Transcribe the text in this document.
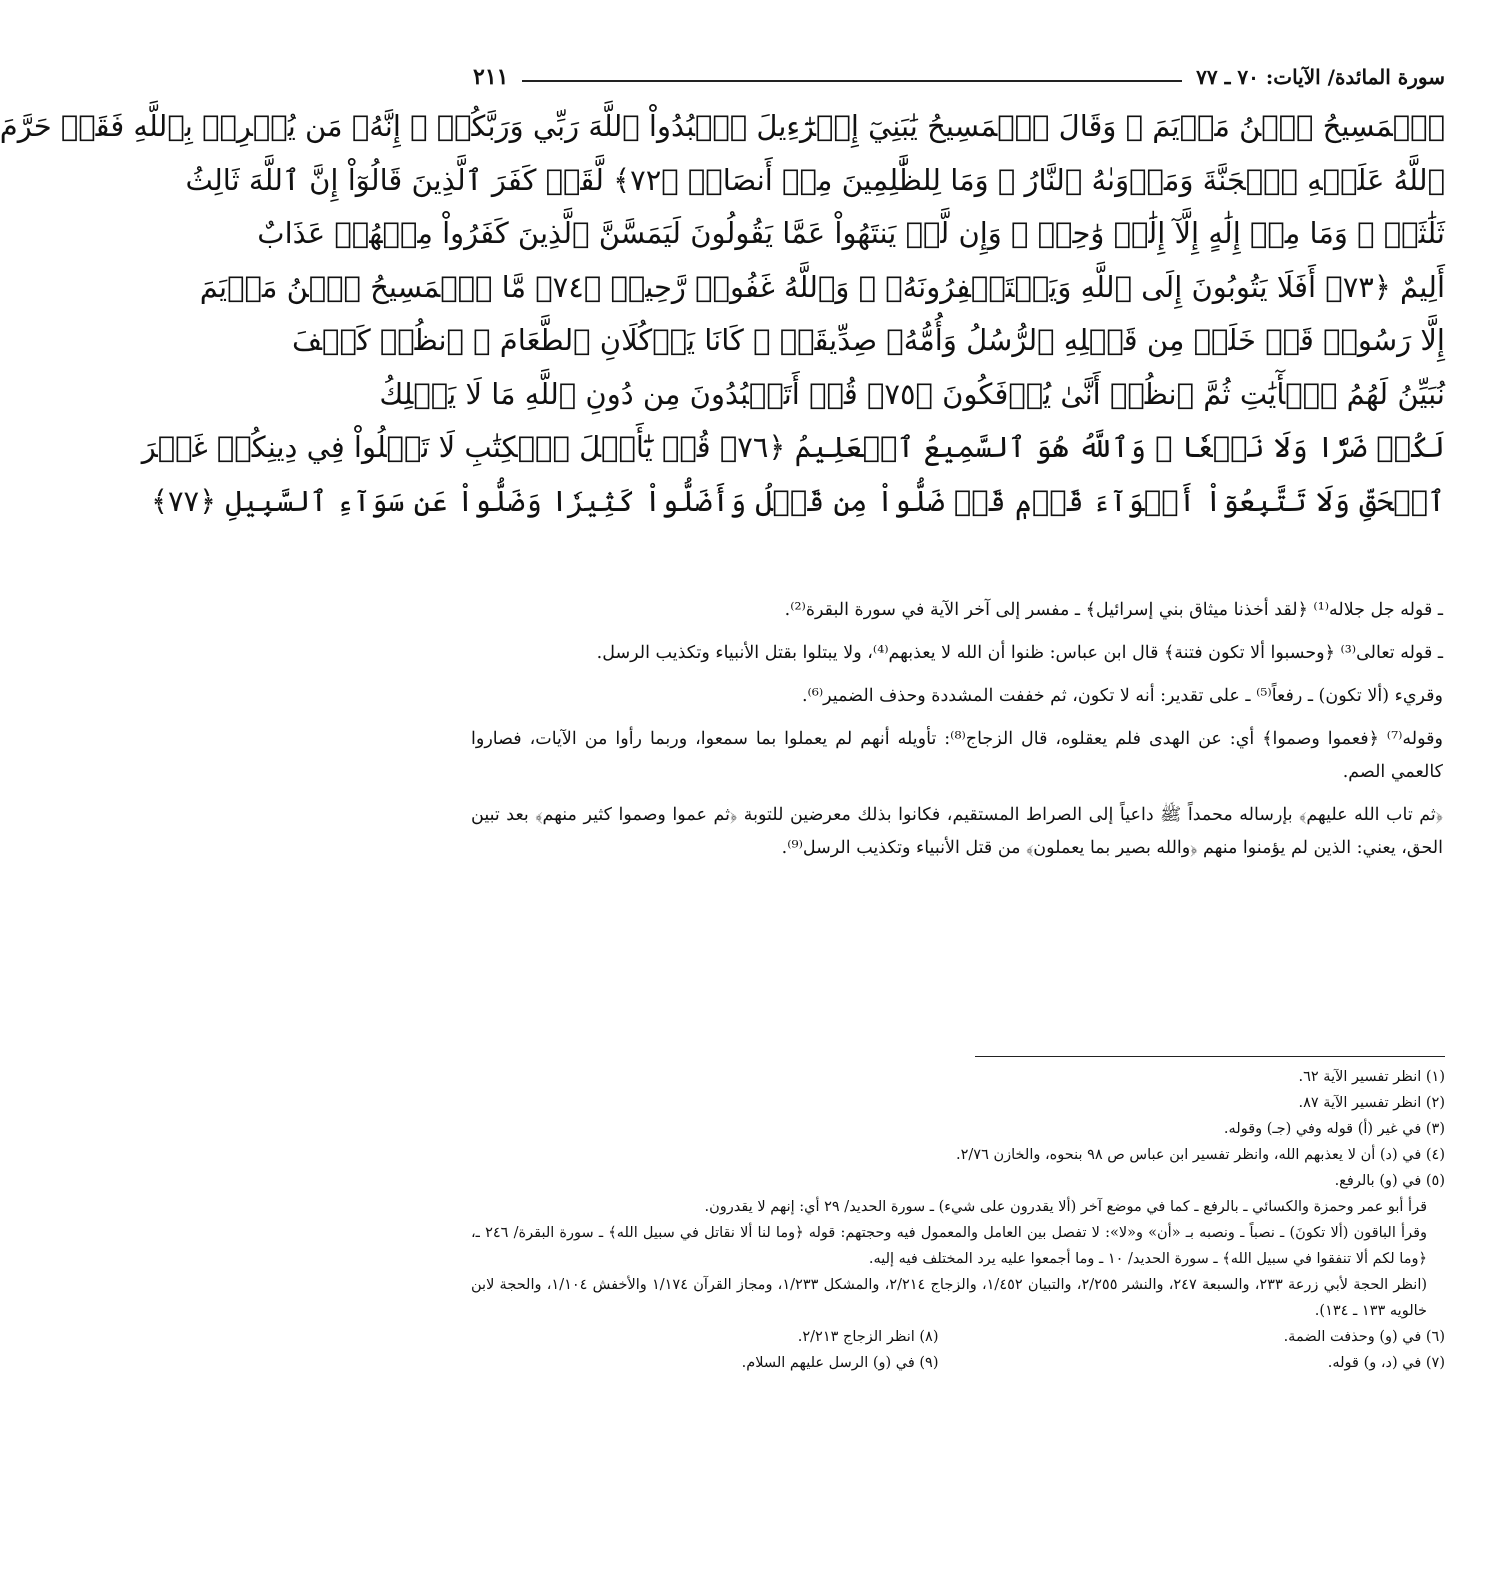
سورة المائدة/ الآيات: ٧٠ ـ ٧٧
٢١١
ٱلۡمَسِيحُ ٱبۡنُ مَرۡيَمَ ۖ وَقَالَ ٱلۡمَسِيحُ يَٰبَنِيٓ إِسۡرَٰٓءِيلَ ٱعۡبُدُواْ ٱللَّهَ رَبِّي وَرَبَّكُمۡ ۖ إِنَّهُۥ مَن يُشۡرِكۡ بِٱللَّهِ فَقَدۡ حَرَّمَ
ٱللَّهُ عَلَيۡهِ ٱلۡجَنَّةَ وَمَأۡوَىٰهُ ٱلنَّارُ ۖ وَمَا لِلظَّٰلِمِينَ مِنۡ أَنصَارٖ ﴿٧٢﴾ لَّقَدۡ كَفَرَ ٱلَّذِينَ قَالُوٓاْ إِنَّ ٱللَّهَ ثَالِثُ
ثَلَٰثَةٖ ۘ وَمَا مِنۡ إِلَٰهٍ إِلَّآ إِلَٰهٞ وَٰحِدٞ ۚ وَإِن لَّمۡ يَنتَهُواْ عَمَّا يَقُولُونَ لَيَمَسَّنَّ ٱلَّذِينَ كَفَرُواْ مِنۡهُمۡ عَذَابٌ
أَلِيمٌ ﴿٧٣﴾ أَفَلَا يَتُوبُونَ إِلَى ٱللَّهِ وَيَسۡتَغۡفِرُونَهُۥ ۚ وَٱللَّهُ غَفُورٞ رَّحِيمٞ ﴿٧٤﴾ مَّا ٱلۡمَسِيحُ ٱبۡنُ مَرۡيَمَ
إِلَّا رَسُولٞ قَدۡ خَلَتۡ مِن قَبۡلِهِ ٱلرُّسُلُ وَأُمُّهُۥ صِدِّيقَةٞ ۖ كَانَا يَأۡكُلَانِ ٱلطَّعَامَ ۗ ٱنظُرۡ كَيۡفَ
نُبَيِّنُ لَهُمُ ٱلۡأٓيَٰتِ ثُمَّ ٱنظُرۡ أَنَّىٰ يُؤۡفَكُونَ ﴿٧٥﴾ قُلۡ أَتَعۡبُدُونَ مِن دُونِ ٱللَّهِ مَا لَا يَمۡلِكُ
لَكُمۡ ضَرّٗا وَلَا نَفۡعٗا ۚ وَٱللَّهُ هُوَ ٱلسَّمِيعُ ٱلۡعَلِيمُ ﴿٧٦﴾ قُلۡ يَٰٓأَهۡلَ ٱلۡكِتَٰبِ لَا تَغۡلُواْ فِي دِينِكُمۡ غَيۡرَ
ٱلۡحَقِّ وَلَا تَتَّبِعُوٓاْ أَهۡوَآءَ قَوۡمٖ قَدۡ ضَلُّواْ مِن قَبۡلُ وَأَضَلُّواْ كَثِيرٗا وَضَلُّواْ عَن سَوَآءِ ٱلسَّبِيلِ ﴿٧٧﴾

ـ قوله جل جلاله⁽¹⁾ ﴿لقد أخذنا ميثاق بني إسرائيل﴾ ـ مفسر إلى آخر الآية في سورة البقرة⁽²⁾.

ـ قوله تعالى⁽³⁾ ﴿وحسبوا ألا تكون فتنة﴾ قال ابن عباس: ظنوا أن الله لا يعذبهم⁽⁴⁾، ولا يبتلوا بقتل الأنبياء وتكذيب الرسل.

وقريء (ألا تكون) ـ رفعاً⁽⁵⁾ ـ على تقدير: أنه لا تكون، ثم خففت المشددة وحذف الضمير⁽⁶⁾.

وقوله⁽⁷⁾ ﴿فعموا وصموا﴾ أي: عن الهدى فلم يعقلوه، قال الزجاج⁽⁸⁾: تأويله أنهم لم يعملوا بما سمعوا، وربما رأوا من الآيات، فصاروا كالعمي الصم.

﴿ثم تاب الله عليهم﴾ بإرساله محمداً ﷺ داعياً إلى الصراط المستقيم، فكانوا بذلك معرضين للتوبة ﴿ثم عموا وصموا كثير منهم﴾ بعد تبين الحق، يعني: الذين لم يؤمنوا منهم ﴿والله بصير بما يعملون﴾ من قتل الأنبياء وتكذيب الرسل⁽⁹⁾.

(١) انظر تفسير الآية ٦٢.

(٢) انظر تفسير الآية ٨٧.

(٣) في غير (أ) قوله وفي (جـ) وقوله.

(٤) في (د) أن لا يعذبهم الله، وانظر تفسير ابن عباس ص ٩٨ بنحوه، والخازن ٢/٧٦.

(٥) في (و) بالرفع.

قرأ أبو عمر وحمزة والكسائي ـ بالرفع ـ كما في موضع آخر (ألا يقدرون على شيء) ـ سورة الحديد/ ٢٩ أي: إنهم لا يقدرون.

وقرأ الباقون (ألا تكونَ) ـ نصباً ـ ونصبه بـ «أن» و«لا»: لا تفصل بين العامل والمعمول فيه وحجتهم: قوله ﴿وما لنا ألا نقاتل في سبيل الله﴾ ـ سورة البقرة/ ٢٤٦ ـ، ﴿وما لكم ألا تنفقوا في سبيل الله﴾ ـ سورة الحديد/ ١٠ ـ وما أجمعوا عليه يرد المختلف فيه إليه.

(انظر الحجة لأبي زرعة ٢٣٣، والسبعة ٢٤٧، والنشر ٢/٢٥٥، والتبيان ١/٤٥٢، والزجاج ٢/٢١٤، والمشكل ١/٢٣٣، ومجاز القرآن ١/١٧٤ والأخفش ١/١٠٤، والحجة لابن خالويه ١٣٣ ـ ١٣٤).

(٦) في (و) وحذفت الضمة.

(٧) في (د، و) قوله.

(٨) انظر الزجاج ٢/٢١٣.

(٩) في (و) الرسل عليهم السلام.
